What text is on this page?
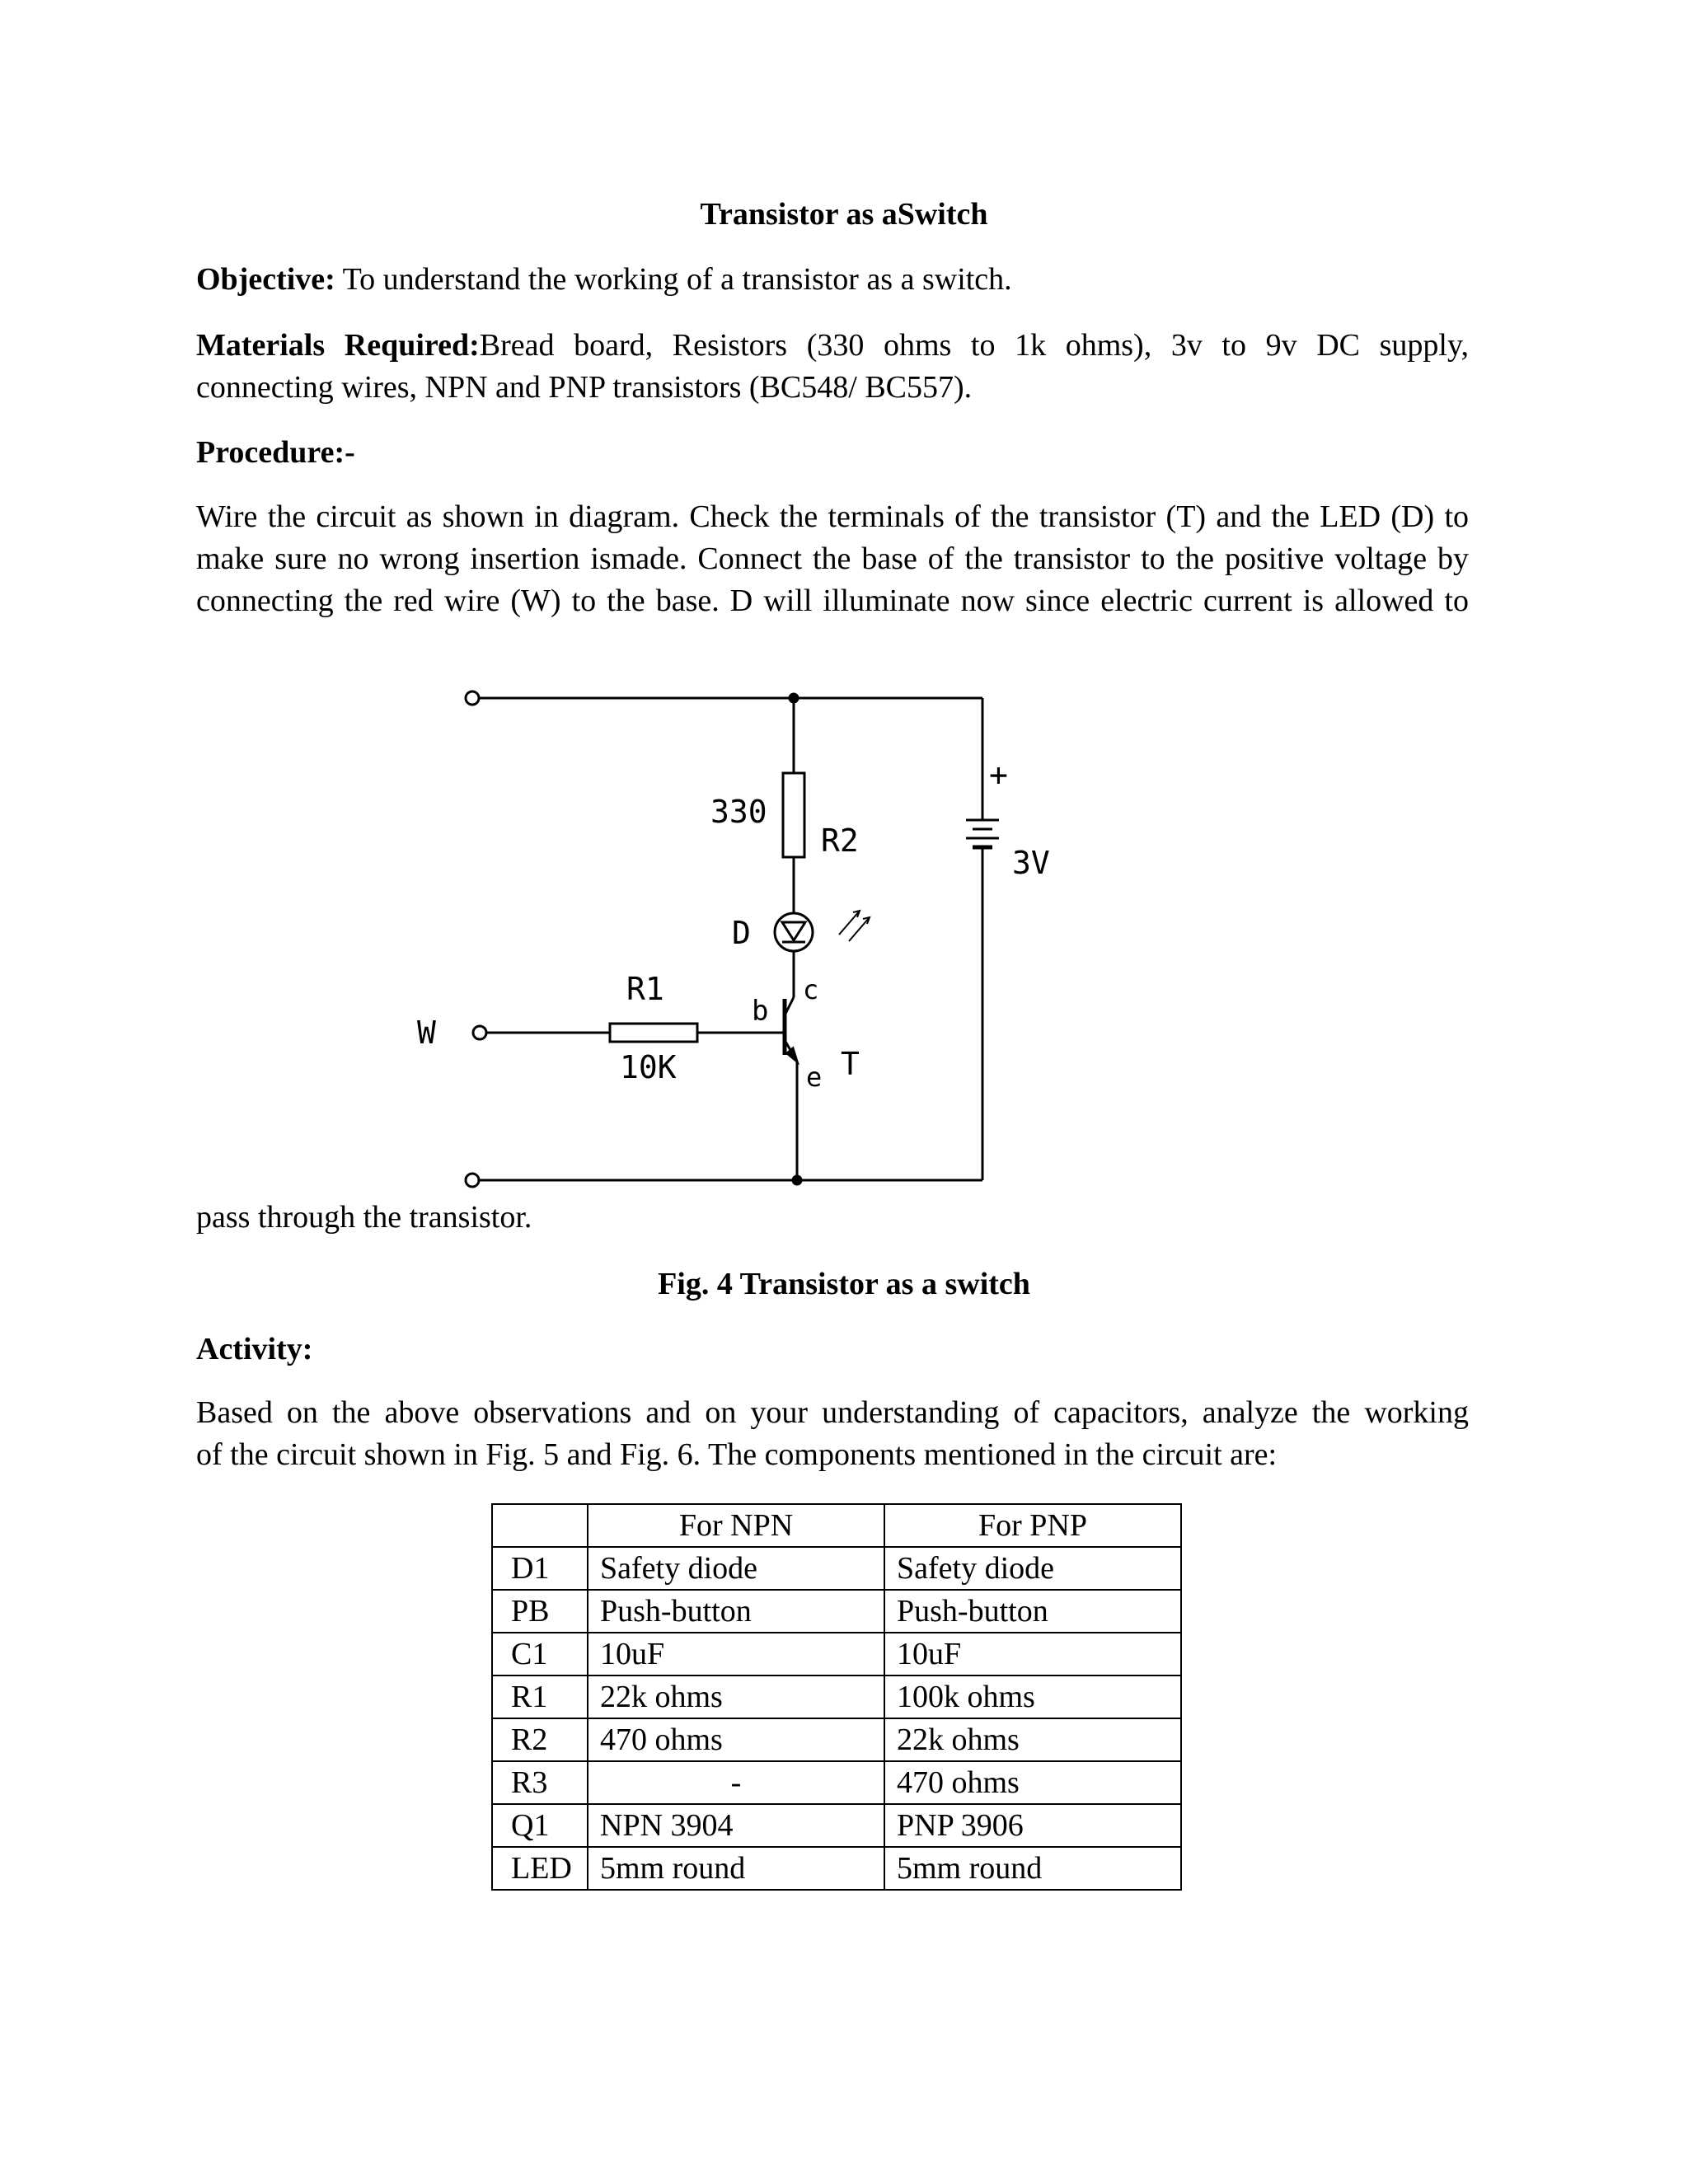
Transistor as aSwitch
Objective: To understand the working of a transistor as a switch.
Materials Required:Bread board, Resistors (330 ohms to 1k ohms), 3v to 9v DC supply,
connecting wires, NPN and PNP transistors (BC548/ BC557).
Procedure:-
Wire the circuit as shown in diagram. Check the terminals of the transistor (T) and the LED (D) to
make sure no wrong insertion ismade. Connect the base of the transistor to the positive voltage by
connecting the red wire (W) to the base. D will illuminate now since electric current is allowed to
330
R2
+
3V
D
R1
10K
W
b
c
e T
pass through the transistor.
Fig. 4 Transistor as a switch
Activity:
Based on the above observations and on your understanding of capacitors, analyze the working
of the circuit shown in Fig. 5 and Fig. 6. The components mentioned in the circuit are:
	For NPN	For PNP
D1	Safety diode	Safety diode
PB	Push-button	Push-button
C1	10uF	10uF
R1	22k ohms	100k ohms
R2	470 ohms	22k ohms
R3	-	470 ohms
Q1	NPN 3904	PNP 3906
LED	5mm round	5mm round
